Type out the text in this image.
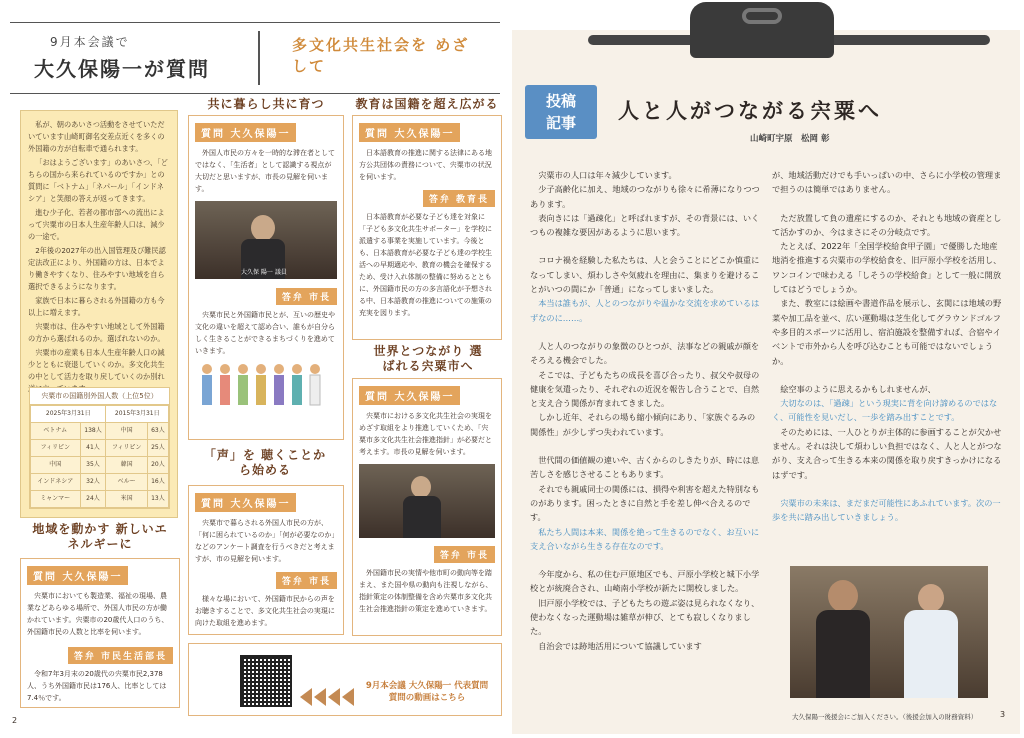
9月本会議で
大久保陽一が質問
多文化共生社会を めざして

私が、朝のあいさつ活動をさせていただいています山崎町御名交差点近くを多くの外国籍の方が自転車で通られます。

「おはようございます」のあいさつ、「どちらの国から来られているのですか」との質問に「ベトナム」「ネパール」「インドネシア」と笑顔の答えが返ってきます。

進む少子化、若者の都市部への流出によって宍粟市の日本人生産年齢人口は、減少の一途で。

2年後の2027年の出入国管理及び難民認定法改正により、外国籍の方は、日本でより働きやすくなり、住みやすい地域を自ら選択できるようになります。

家族で日本に暮らされる外国籍の方も今以上に増えます。

宍粟市は、住みやすい地域として外国籍の方から選ばれるのか。選ばれないのか。

宍粟市の産業も日本人生産年齢人口の減少とともに衰退していくのか。多文化共生の中として活力を取り戻していくのか別れ

宍粟市の国籍別外国人数（上位5位）
2025年3月31日		2015年3月31日	
ベトナム	138人	中国	63人
フィリピン	41人	フィリピン	25人
中国	35人	韓国	20人
インドネシア	32人	ベルー	16人
ミャンマー	24人	米国	13人
地域を動かす 新しいエネルギーに
質問 大久保陽一
宍粟市においても製造業、福祉の現場、農業などあらゆる場所で、外国人市民の方が働かれています。宍粟市の20歳代人口のうち、外国籍市民の人数と比率を伺います。
答弁 市民生活部長
令和7年3月末の20歳代の宍粟市民2,378人、うち外国籍市民は176人、比率としては7.4％です。
共に暮らし共に育つ
質問 大久保陽一
外国人市民の方々を一時的な滞在者としてではなく、「生活者」として認識する視点が大切だと思いますが、市長の見解を伺います。
大久保 陽一 議員
答弁 市長
宍粟市民と外国籍市民とが、互いの歴史や文化の違いを超えて認め合い、誰もが自分らしく生きることができるまちづくりを進めていきます。
「声」を 聴くことから始める
質問 大久保陽一
宍粟市で暮らされる外国人市民の方が、「何に困られているのか」「何が必要なのか」などのアンケート調査を行うべきだと考えますが、市の見解を伺います。
答弁 市長
様々な場において、外国籍市民からの声をお聴きすることで、多文化共生社会の実現に向けた取組を進めます。
9月本会議 大久保陽一 代表質問質問の動画はこちら
教育は国籍を超え広がる
質問 大久保陽一
日本語教育の推進に関する法律にある地方公共団体の責務について、宍粟市の状況を伺います。
答弁 教育長
日本語教育が必要な子ども達を対象に「子ども多文化共生サポーター」を学校に派遣する事業を実施しています。今後とも、日本語教育が必要な子ども達の学校生活への早期適応や、教育の機会を確保するため、受け入れ体制の整備に努めるとともに、外国籍市民の方の多言語化が予想される中、日本語教育の推進についての施策の充実を図ります。
世界とつながり 選ばれる宍粟市へ
質問 大久保陽一
宍粟市における多文化共生社会の実現をめざす取組をより推進していくため、「宍粟市多文化共生社会推進指針」が必要だと考えます。市長の見解を伺います。
答弁 市長
外国籍市民の実情や他市町の動向等を踏まえ、また国や県の動向も注視しながら、指針策定の体制整備を含め宍粟市多文化共生社会推進指針の策定を進めていきます。
2
投稿記事 人と人がつながる宍粟へ
山崎町宇原　松岡 彰

宍粟市の人口は年々減少しています。

少子高齢化に加え、地域のつながりも徐々に希薄になりつつあります。

表向きには「過疎化」と呼ばれますが、その背景には、いくつもの複雑な要因があるように思います。

コロナ禍を経験した私たちは、人と会うことにどこか慎重になってしまい、煩わしさや気疲れを理由に、集まりを避けることがいつの間にか「普通」になってしまいました。

本当は誰もが、人とのつながりや温かな交流を求めているはずなのに……。

人と人のつながりの象徴のひとつが、法事などの親戚が顔をそろえる機会でした。

そこでは、子どもたちの成長を喜び合ったり、叔父や叔母の健康を気遣ったり、それぞれの近況を報告し合うことで、自然と支え合う関係が育まれてきました。

しかし近年、それらの場も縮小傾向にあり、「家族ぐるみの関係性」が少しずつ失われています。

世代間の価値観の違いや、古くからのしきたりが、時には息苦しさを感じさせることもあります。

それでも親戚同士の関係には、損得や利害を超えた特別なものがあります。困ったときに自然と手を差し伸べ合えるのです。

私たち人間は本来、関係を絶って生きるのでなく、お互いに支え合いながら生きる存在なのです。

今年度から、私の住む戸原地区でも、戸原小学校と城下小学校とが統廃合され、山崎南小学校が新たに開校しました。

旧戸原小学校では、子どもたちの遊ぶ姿は見られなくなり、使わなくなった運動場は雑草が伸び、とても寂しくなりました。

自治会では跡地活用について協議しています

が、地域活動だけでも手いっぱいの中、さらに小学校の管理まで担うのは簡単ではありません。

ただ放置して負の遺産にするのか、それとも地域の資産として活かすのか、今はまさにその分岐点です。

たとえば、2022年「全国学校給食甲子園」で優勝した地産地消を推進する宍粟市の学校給食を、旧戸原小学校を活用し、ワンコインで味わえる「しそうの学校給食」として一般に開放してはどうでしょうか。

また、教室には絵画や書道作品を展示し、玄関には地域の野菜や加工品を並べ、広い運動場は芝生化してグラウンドゴルフや多目的スポーツに活用し、宿泊施設を整備すれば、合宿やイベントで市外から人を呼び込むことも可能ではないでしょうか。

絵空事のように思えるかもしれませんが、

大切なのは、「過疎」という現実に背を向け諦めるのではなく、可能性を見いだし、一歩を踏み出すことです。

そのためには、一人ひとりが主体的に参画することが欠かせません。それは決して煩わしい負担ではなく、人と人とがつながり、支え合って生きる本来の関係を取り戻すきっかけになるはずです。

宍粟市の未来は、まだまだ可能性にあふれています。次の一歩を共に踏み出していきましょう。

大久保陽一後援会にご加入ください。（後援会加入の財務資料）	3
